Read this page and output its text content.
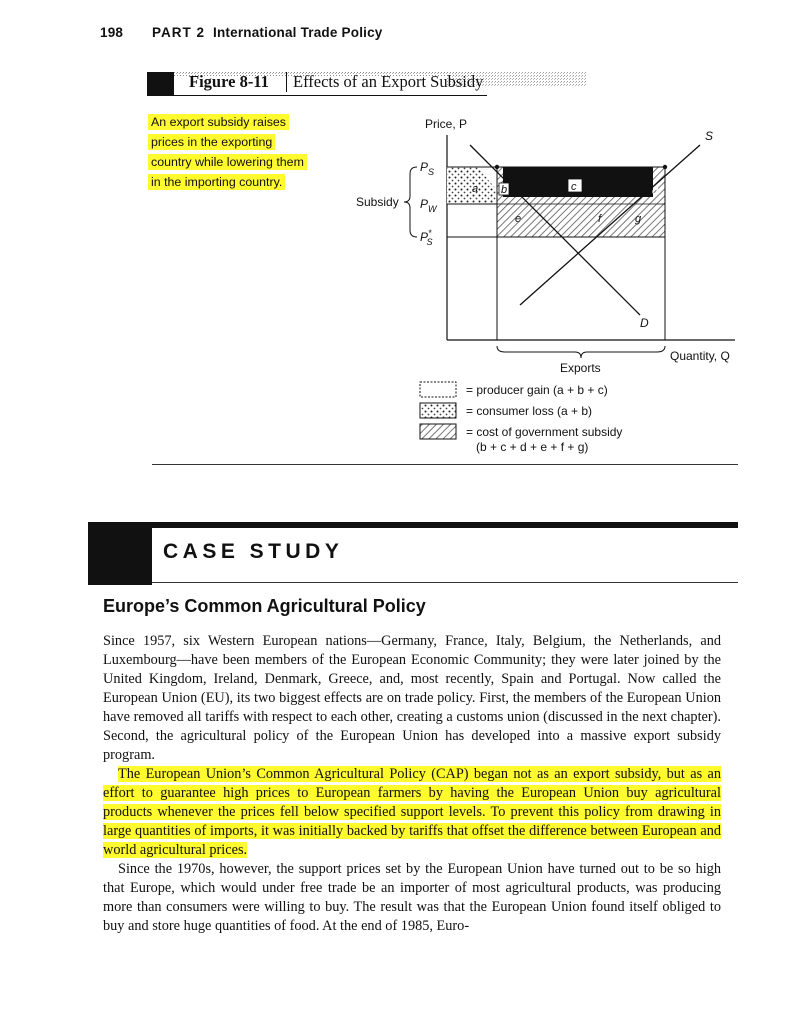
198 PART 2 International Trade Policy
Figure 8-11	Effects of an Export Subsidy
An export subsidy raises prices in the exporting country while lowering them in the importing country.	a b	c	d
e	f	g
Price, P
Quantity, Q
S
D
$P_S$
$P_W$
P* S
Subsidy
Exports
= producer gain (a + b + c)
= consumer loss (a + b)
= cost of government subsidy
(b + c + d + e + f + g)
CASE STUDY
Europe’s Common Agricultural Policy

Since 1957, six Western European nations—Germany, France, Italy, Belgium, the Netherlands, and Luxembourg—have been members of the European Economic Community; they were later joined by the United Kingdom, Ireland, Denmark, Greece, and, most recently, Spain and Portugal. Now called the European Union (EU), its two biggest effects are on trade policy. First, the members of the European Union have removed all tariffs with respect to each other, creating a customs union (discussed in the next chapter). Second, the agricultural policy of the European Union has developed into a massive export subsidy program.

The European Union’s Common Agricultural Policy (CAP) began not as an export subsidy, but as an effort to guarantee high prices to European farmers by having the European Union buy agricultural products whenever the prices fell below specified support levels. To prevent this policy from drawing in large quantities of imports, it was initially backed by tariffs that offset the difference between European and world agricultural prices.

Since the 1970s, however, the support prices set by the European Union have turned out to be so high that Europe, which would under free trade be an importer of most agricultural products, was producing more than consumers were willing to buy. The result was that the European Union found itself obliged to buy and store huge quantities of food. At the end of 1985, Euro-
